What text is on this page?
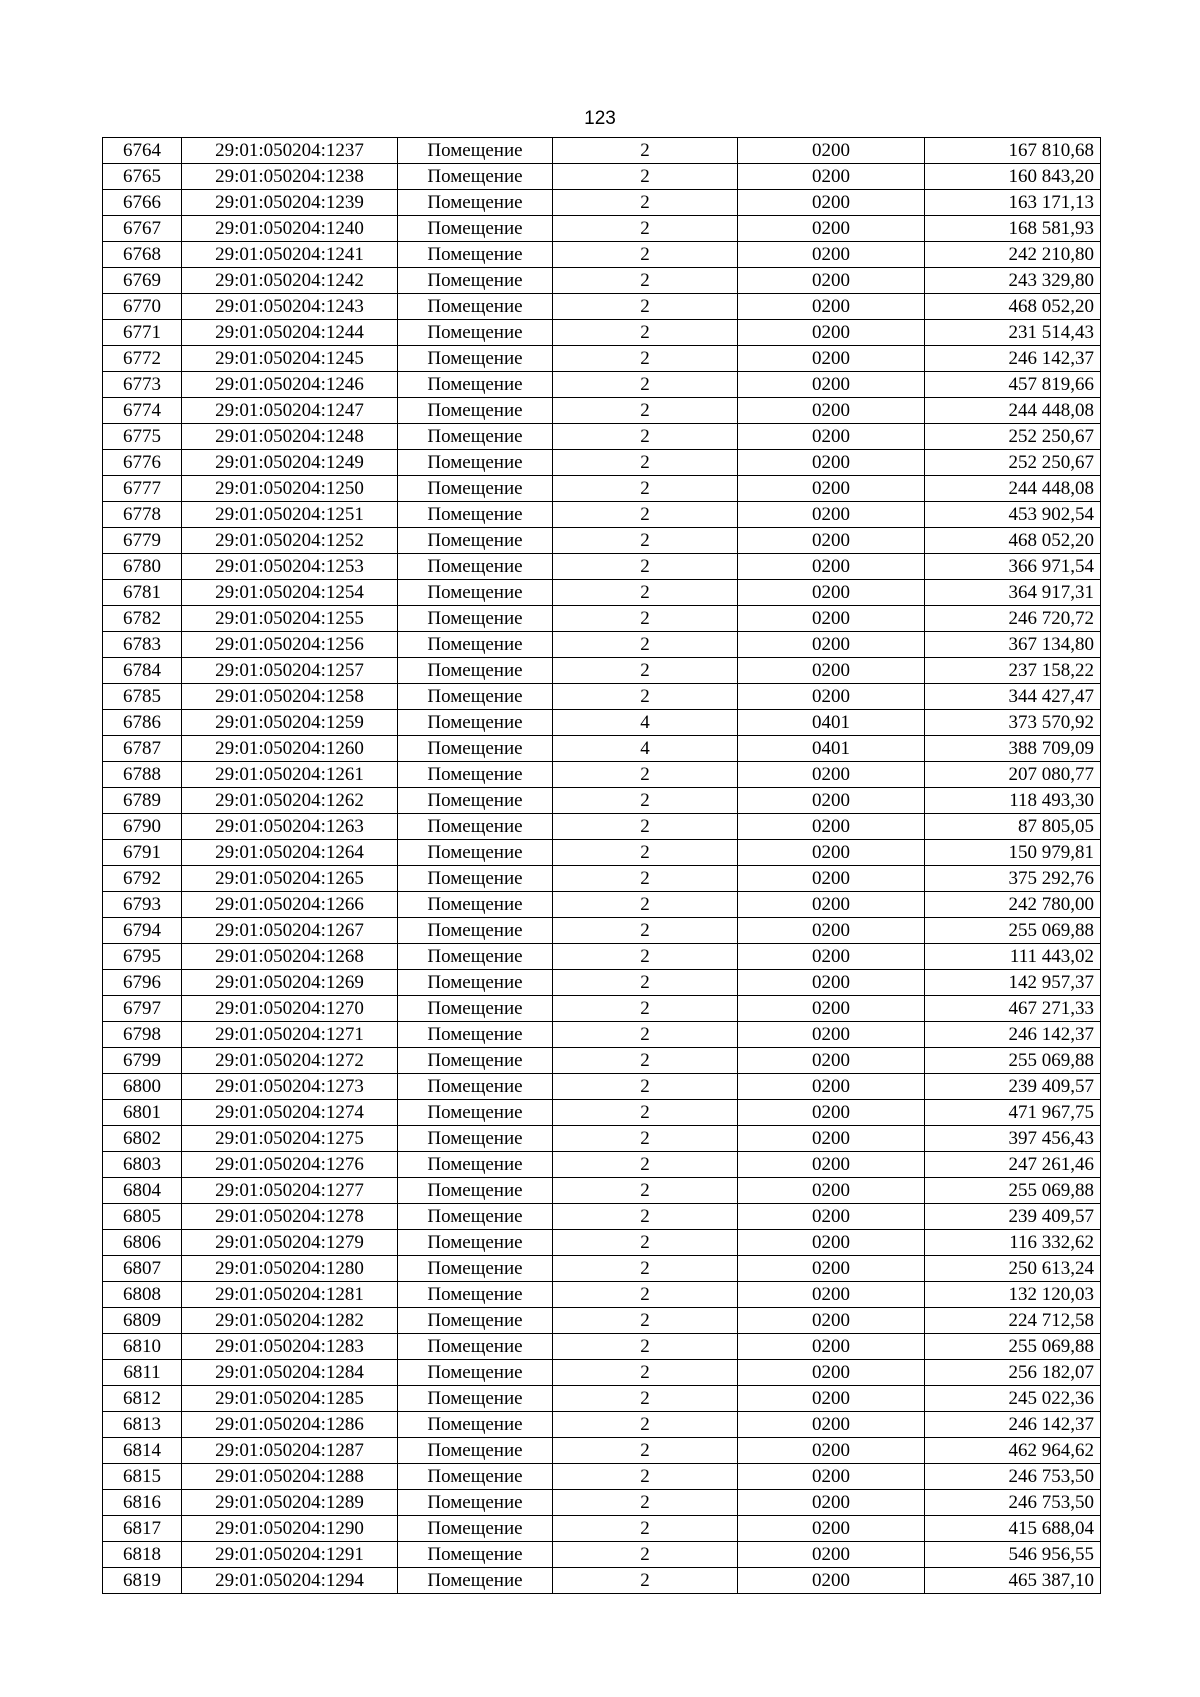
123
6764	29:01:050204:1237	Помещение	2	0200	167 810,68
6765	29:01:050204:1238	Помещение	2	0200	160 843,20
6766	29:01:050204:1239	Помещение	2	0200	163 171,13
6767	29:01:050204:1240	Помещение	2	0200	168 581,93
6768	29:01:050204:1241	Помещение	2	0200	242 210,80
6769	29:01:050204:1242	Помещение	2	0200	243 329,80
6770	29:01:050204:1243	Помещение	2	0200	468 052,20
6771	29:01:050204:1244	Помещение	2	0200	231 514,43
6772	29:01:050204:1245	Помещение	2	0200	246 142,37
6773	29:01:050204:1246	Помещение	2	0200	457 819,66
6774	29:01:050204:1247	Помещение	2	0200	244 448,08
6775	29:01:050204:1248	Помещение	2	0200	252 250,67
6776	29:01:050204:1249	Помещение	2	0200	252 250,67
6777	29:01:050204:1250	Помещение	2	0200	244 448,08
6778	29:01:050204:1251	Помещение	2	0200	453 902,54
6779	29:01:050204:1252	Помещение	2	0200	468 052,20
6780	29:01:050204:1253	Помещение	2	0200	366 971,54
6781	29:01:050204:1254	Помещение	2	0200	364 917,31
6782	29:01:050204:1255	Помещение	2	0200	246 720,72
6783	29:01:050204:1256	Помещение	2	0200	367 134,80
6784	29:01:050204:1257	Помещение	2	0200	237 158,22
6785	29:01:050204:1258	Помещение	2	0200	344 427,47
6786	29:01:050204:1259	Помещение	4	0401	373 570,92
6787	29:01:050204:1260	Помещение	4	0401	388 709,09
6788	29:01:050204:1261	Помещение	2	0200	207 080,77
6789	29:01:050204:1262	Помещение	2	0200	118 493,30
6790	29:01:050204:1263	Помещение	2	0200	87 805,05
6791	29:01:050204:1264	Помещение	2	0200	150 979,81
6792	29:01:050204:1265	Помещение	2	0200	375 292,76
6793	29:01:050204:1266	Помещение	2	0200	242 780,00
6794	29:01:050204:1267	Помещение	2	0200	255 069,88
6795	29:01:050204:1268	Помещение	2	0200	111 443,02
6796	29:01:050204:1269	Помещение	2	0200	142 957,37
6797	29:01:050204:1270	Помещение	2	0200	467 271,33
6798	29:01:050204:1271	Помещение	2	0200	246 142,37
6799	29:01:050204:1272	Помещение	2	0200	255 069,88
6800	29:01:050204:1273	Помещение	2	0200	239 409,57
6801	29:01:050204:1274	Помещение	2	0200	471 967,75
6802	29:01:050204:1275	Помещение	2	0200	397 456,43
6803	29:01:050204:1276	Помещение	2	0200	247 261,46
6804	29:01:050204:1277	Помещение	2	0200	255 069,88
6805	29:01:050204:1278	Помещение	2	0200	239 409,57
6806	29:01:050204:1279	Помещение	2	0200	116 332,62
6807	29:01:050204:1280	Помещение	2	0200	250 613,24
6808	29:01:050204:1281	Помещение	2	0200	132 120,03
6809	29:01:050204:1282	Помещение	2	0200	224 712,58
6810	29:01:050204:1283	Помещение	2	0200	255 069,88
6811	29:01:050204:1284	Помещение	2	0200	256 182,07
6812	29:01:050204:1285	Помещение	2	0200	245 022,36
6813	29:01:050204:1286	Помещение	2	0200	246 142,37
6814	29:01:050204:1287	Помещение	2	0200	462 964,62
6815	29:01:050204:1288	Помещение	2	0200	246 753,50
6816	29:01:050204:1289	Помещение	2	0200	246 753,50
6817	29:01:050204:1290	Помещение	2	0200	415 688,04
6818	29:01:050204:1291	Помещение	2	0200	546 956,55
6819	29:01:050204:1294	Помещение	2	0200	465 387,10
